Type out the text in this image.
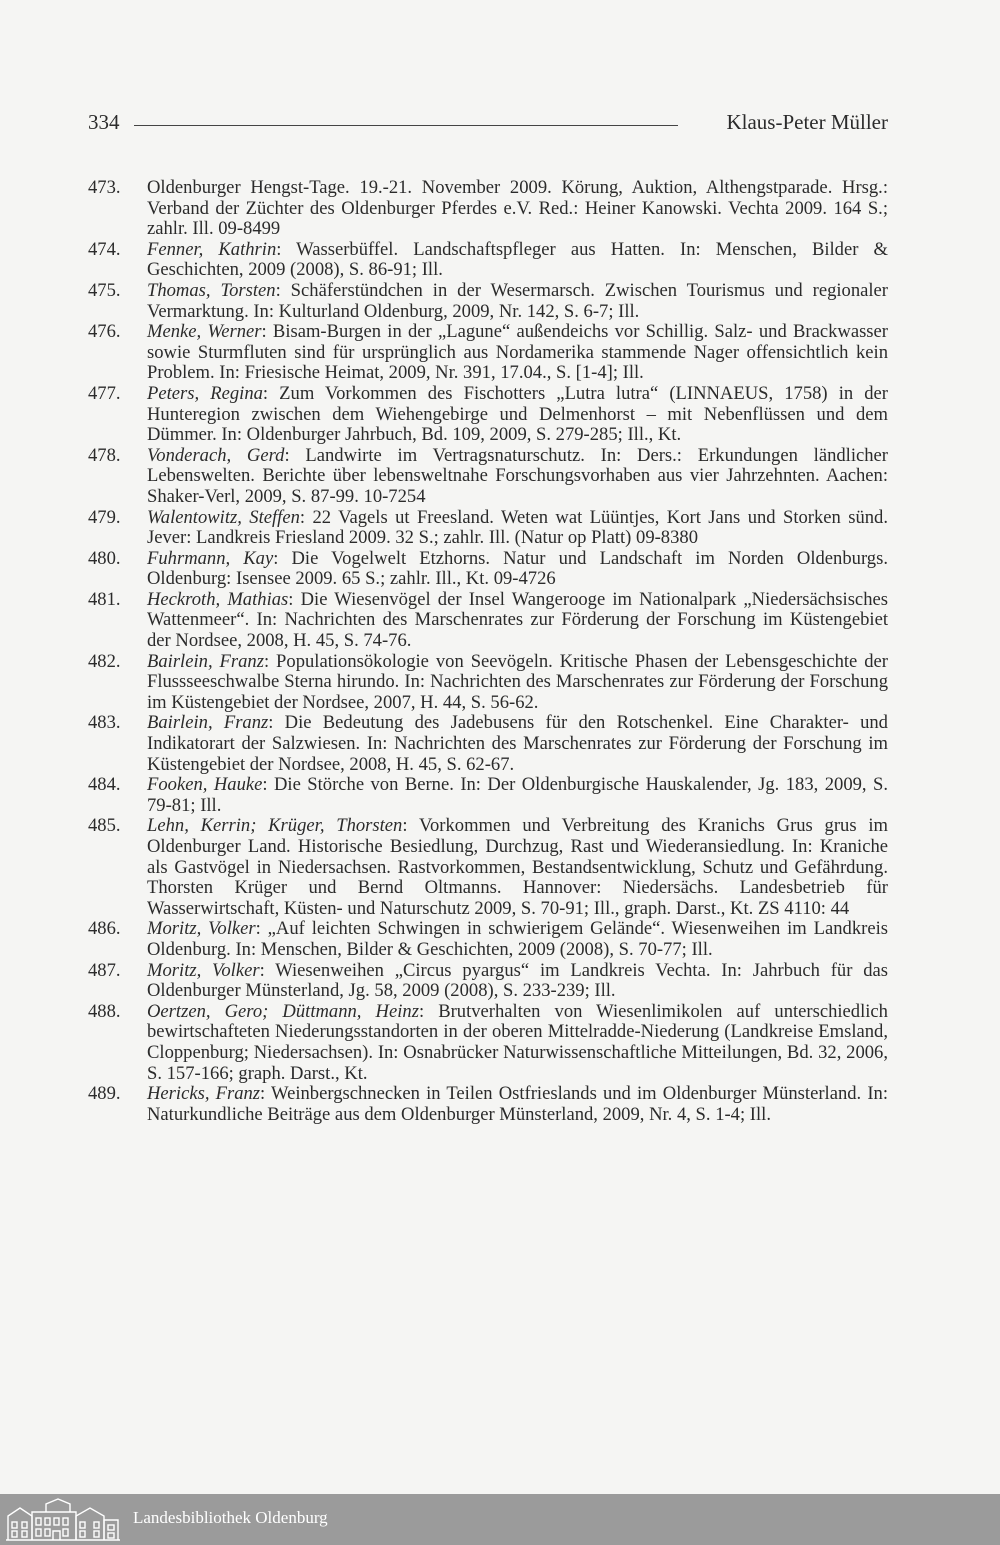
334	Klaus-Peter Müller
473.	Oldenburger Hengst-Tage. 19.-21. November 2009. Körung, Auktion, Althengstparade. Hrsg.: Verband der Züchter des Oldenburger Pferdes e.V. Red.: Heiner Kanowski. Vechta 2009. 164 S.; zahlr. Ill. 09-8499
474.	Fenner, Kathrin: Wasserbüffel. Landschaftspfleger aus Hatten. In: Menschen, Bilder & Geschichten, 2009 (2008), S. 86-91; Ill.
475.	Thomas, Torsten: Schäferstündchen in der Wesermarsch. Zwischen Tourismus und regionaler Vermarktung. In: Kulturland Oldenburg, 2009, Nr. 142, S. 6-7; Ill.
476.	Menke, Werner: Bisam-Burgen in der „Lagune“ außendeichs vor Schillig. Salz- und Brackwasser sowie Sturmfluten sind für ursprünglich aus Nordamerika stammende Nager offensichtlich kein Problem. In: Friesische Heimat, 2009, Nr. 391, 17.04., S. [1-4]; Ill.
477.	Peters, Regina: Zum Vorkommen des Fischotters „Lutra lutra“ (LINNAEUS, 1758) in der Hunteregion zwischen dem Wiehengebirge und Delmenhorst – mit Nebenflüssen und dem Dümmer. In: Oldenburger Jahrbuch, Bd. 109, 2009, S. 279-285; Ill., Kt.
478.	Vonderach, Gerd: Landwirte im Vertragsnaturschutz. In: Ders.: Erkundungen ländlicher Lebenswelten. Berichte über lebensweltnahe Forschungsvorhaben aus vier Jahrzehnten. Aachen: Shaker-Verl, 2009, S. 87-99. 10-7254
479.	Walentowitz, Steffen: 22 Vagels ut Freesland. Weten wat Lüüntjes, Kort Jans und Storken sünd. Jever: Landkreis Friesland 2009. 32 S.; zahlr. Ill. (Natur op Platt) 09-8380
480.	Fuhrmann, Kay: Die Vogelwelt Etzhorns. Natur und Landschaft im Norden Oldenburgs. Oldenburg: Isensee 2009. 65 S.; zahlr. Ill., Kt. 09-4726
481.	Heckroth, Mathias: Die Wiesenvögel der Insel Wangerooge im Nationalpark „Niedersächsisches Wattenmeer“. In: Nachrichten des Marschenrates zur Förderung der Forschung im Küstengebiet der Nordsee, 2008, H. 45, S. 74-76.
482.	Bairlein, Franz: Populationsökologie von Seevögeln. Kritische Phasen der Lebensgeschichte der Flussseeschwalbe Sterna hirundo. In: Nachrichten des Marschenrates zur Förderung der Forschung im Küstengebiet der Nordsee, 2007, H. 44, S. 56-62.
483.	Bairlein, Franz: Die Bedeutung des Jadebusens für den Rotschenkel. Eine Charakter- und Indikatorart der Salzwiesen. In: Nachrichten des Marschenrates zur Förderung der Forschung im Küstengebiet der Nordsee, 2008, H. 45, S. 62-67.
484.	Fooken, Hauke: Die Störche von Berne. In: Der Oldenburgische Hauskalender, Jg. 183, 2009, S. 79-81; Ill.
485.	Lehn, Kerrin; Krüger, Thorsten: Vorkommen und Verbreitung des Kranichs Grus grus im Oldenburger Land. Historische Besiedlung, Durchzug, Rast und Wiederansiedlung. In: Kraniche als Gastvögel in Niedersachsen. Rastvorkommen, Bestandsentwicklung, Schutz und Gefährdung. Thorsten Krüger und Bernd Oltmanns. Hannover: Niedersächs. Landesbetrieb für Wasserwirtschaft, Küsten- und Naturschutz 2009, S. 70-91; Ill., graph. Darst., Kt. ZS 4110: 44
486.	Moritz, Volker: „Auf leichten Schwingen in schwierigem Gelände“. Wiesenweihen im Landkreis Oldenburg. In: Menschen, Bilder & Geschichten, 2009 (2008), S. 70-77; Ill.
487.	Moritz, Volker: Wiesenweihen „Circus pyargus“ im Landkreis Vechta. In: Jahrbuch für das Oldenburger Münsterland, Jg. 58, 2009 (2008), S. 233-239; Ill.
488.	Oertzen, Gero; Düttmann, Heinz: Brutverhalten von Wiesenlimikolen auf unterschiedlich bewirtschafteten Niederungsstandorten in der oberen Mittelradde-Niederung (Landkreise Emsland, Cloppenburg; Niedersachsen). In: Osnabrücker Naturwissenschaftliche Mitteilungen, Bd. 32, 2006, S. 157-166; graph. Darst., Kt.
489.	Hericks, Franz: Weinbergschnecken in Teilen Ostfrieslands und im Oldenburger Münsterland. In: Naturkundliche Beiträge aus dem Oldenburger Münsterland, 2009, Nr. 4, S. 1-4; Ill.
Landesbibliothek Oldenburg
